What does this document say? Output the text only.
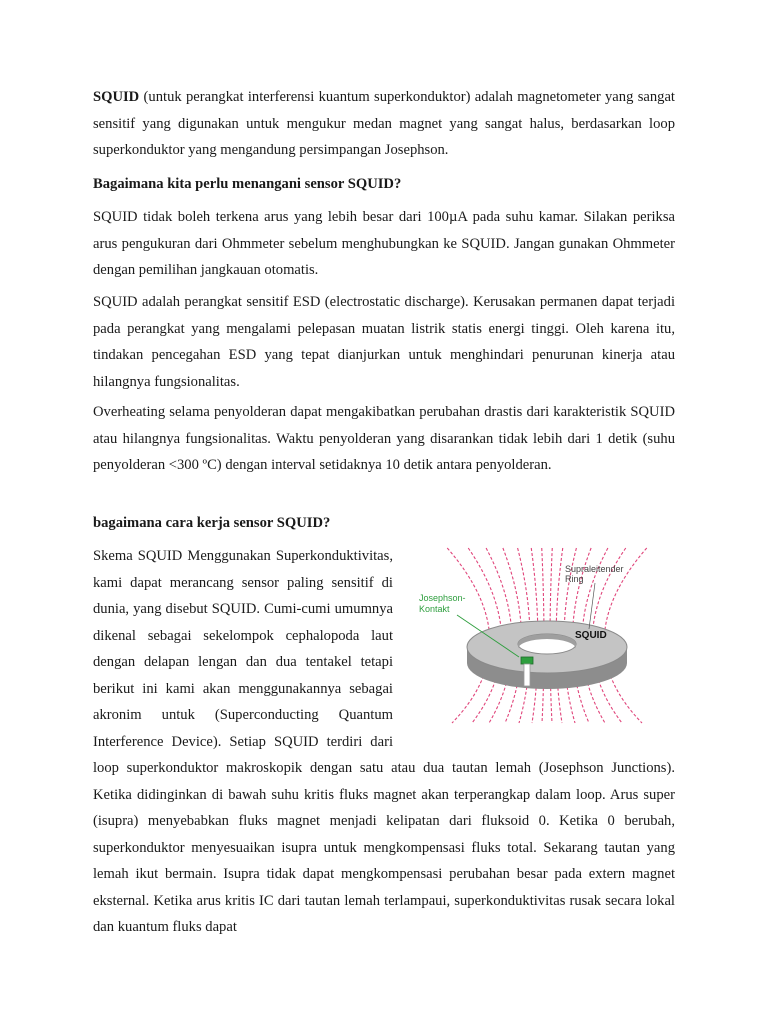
SQUID (untuk perangkat interferensi kuantum superkonduktor) adalah magnetometer yang sangat sensitif yang digunakan untuk mengukur medan magnet yang sangat halus, berdasarkan loop superkonduktor yang mengandung persimpangan Josephson.

Bagaimana kita perlu menangani sensor SQUID?

SQUID tidak boleh terkena arus yang lebih besar dari 100µA pada suhu kamar. Silakan periksa arus pengukuran dari Ohmmeter sebelum menghubungkan ke SQUID. Jangan gunakan Ohmmeter dengan pemilihan jangkauan otomatis.

SQUID adalah perangkat sensitif ESD (electrostatic discharge). Kerusakan permanen dapat terjadi pada perangkat yang mengalami pelepasan muatan listrik statis energi tinggi. Oleh karena itu, tindakan pencegahan ESD yang tepat dianjurkan untuk menghindari penurunan kinerja atau hilangnya fungsionalitas.

Overheating selama penyolderan dapat mengakibatkan perubahan drastis dari karakteristik SQUID atau hilangnya fungsionalitas. Waktu penyolderan yang disarankan tidak lebih dari 1 detik (suhu penyolderan <300 ºC) dengan interval setidaknya 10 detik antara penyolderan.

bagaimana cara kerja sensor SQUID?
Josephson-
Kontakt
Supraleitender
Ring
SQUID
Skema SQUID Menggunakan Superkonduktivitas, kami dapat merancang sensor paling sensitif di dunia, yang disebut SQUID. Cumi-cumi umumnya dikenal sebagai sekelompok cephalopoda laut dengan delapan lengan dan dua tentakel tetapi berikut ini kami akan menggunakannya sebagai akronim untuk (Superconducting Quantum Interference Device). Setiap SQUID terdiri dari loop superkonduktor makroskopik dengan satu atau dua tautan lemah (Josephson Junctions). Ketika didinginkan di bawah suhu kritis fluks magnet akan terperangkap dalam loop. Arus super (isupra) menyebabkan fluks magnet menjadi kelipatan dari fluksoid 0. Ketika 0 berubah, superkonduktor menyesuaikan isupra untuk mengkompensasi fluks total. Sekarang tautan yang lemah ikut bermain. Isupra tidak dapat mengkompensasi perubahan besar pada extern magnet eksternal. Ketika arus kritis IC dari tautan lemah terlampaui, superkonduktivitas rusak secara lokal dan kuantum fluks dapat
